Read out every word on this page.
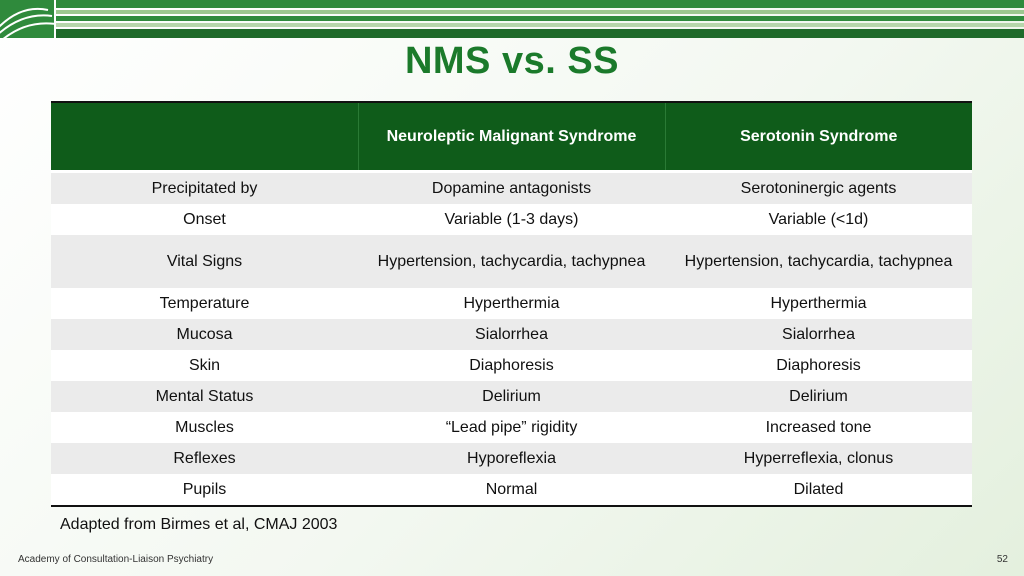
NMS vs. SS
	Neuroleptic Malignant Syndrome	Serotonin Syndrome
Precipitated by	Dopamine antagonists	Serotoninergic agents
Onset	Variable (1-3 days)	Variable (<1d)
Vital Signs	Hypertension, tachycardia, tachypnea	Hypertension, tachycardia, tachypnea
Temperature	Hyperthermia	Hyperthermia
Mucosa	Sialorrhea	Sialorrhea
Skin	Diaphoresis	Diaphoresis
Mental Status	Delirium	Delirium
Muscles	“Lead pipe” rigidity	Increased tone
Reflexes	Hyporeflexia	Hyperreflexia, clonus
Pupils	Normal	Dilated
Adapted from Birmes et al, CMAJ 2003
Academy of Consultation-Liaison Psychiatry	52
